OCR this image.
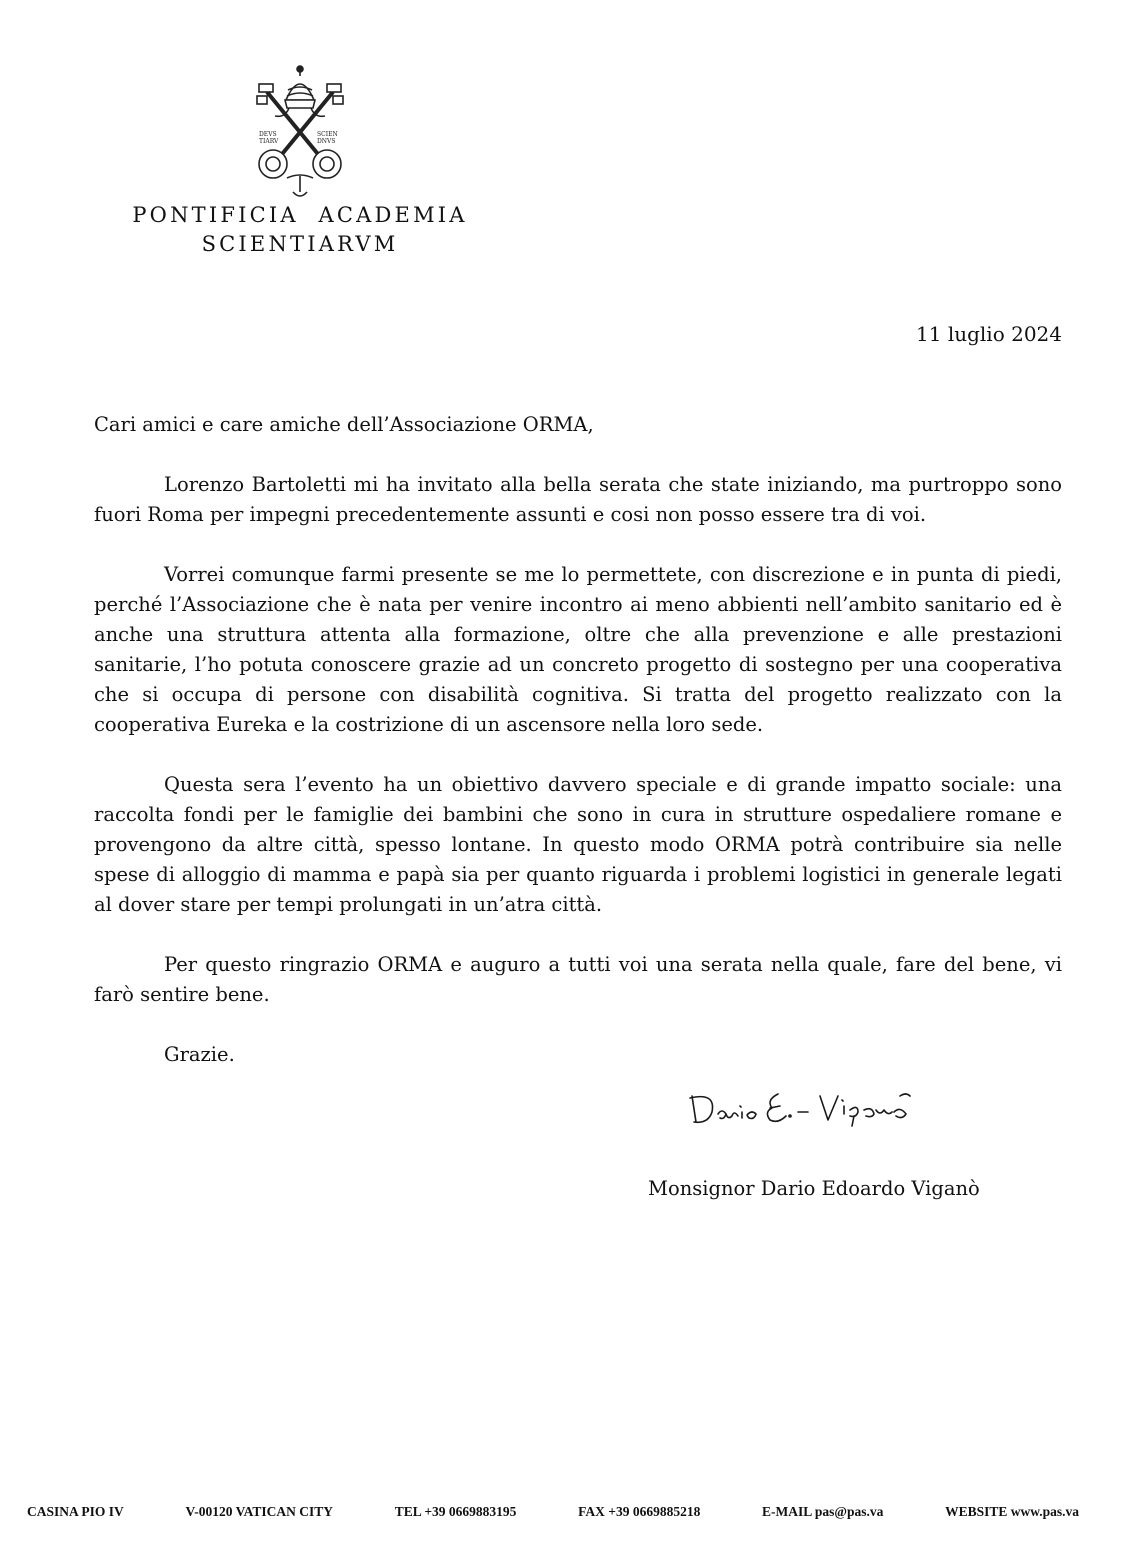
DEVS
TIARV
SCIEN
DNVS
PONTIFICIA  ACADEMIA
SCIENTIARVM
11 luglio 2024

Cari amici e care amiche dell’Associazione ORMA,

Lorenzo Bartoletti mi ha invitato alla bella serata che state iniziando, ma purtroppo sono fuori Roma per impegni precedentemente assunti e cosi non posso essere tra di voi.

Vorrei comunque farmi presente se me lo permettete, con discrezione e in punta di piedi, perché l’Associazione che è nata per venire incontro ai meno abbienti nell’ambito sanitario ed è anche una struttura attenta alla formazione, oltre che alla prevenzione e alle prestazioni sanitarie, l’ho potuta conoscere grazie ad un concreto progetto di sostegno per una cooperativa che si occupa di persone con disabilità cognitiva. Si tratta del progetto realizzato con la cooperativa Eureka e la costrizione di un ascensore nella loro sede.

Questa sera l’evento ha un obiettivo davvero speciale e di grande impatto sociale: una raccolta fondi per le famiglie dei bambini che sono in cura in strutture ospedaliere romane e provengono da altre città, spesso lontane. In questo modo ORMA potrà contribuire sia nelle spese di alloggio di mamma e papà sia per quanto riguarda i problemi logistici in generale legati al dover stare per tempi prolungati in un’atra città.

Per questo ringrazio ORMA e auguro a tutti voi una serata nella quale, fare del bene, vi farò sentire bene.

Grazie.

Monsignor Dario Edoardo Viganò
CASINA PIO IV	V-00120 VATICAN CITY	TEL +39 0669883195	FAX +39 0669885218	E-MAIL pas@pas.va	WEBSITE www.pas.va
